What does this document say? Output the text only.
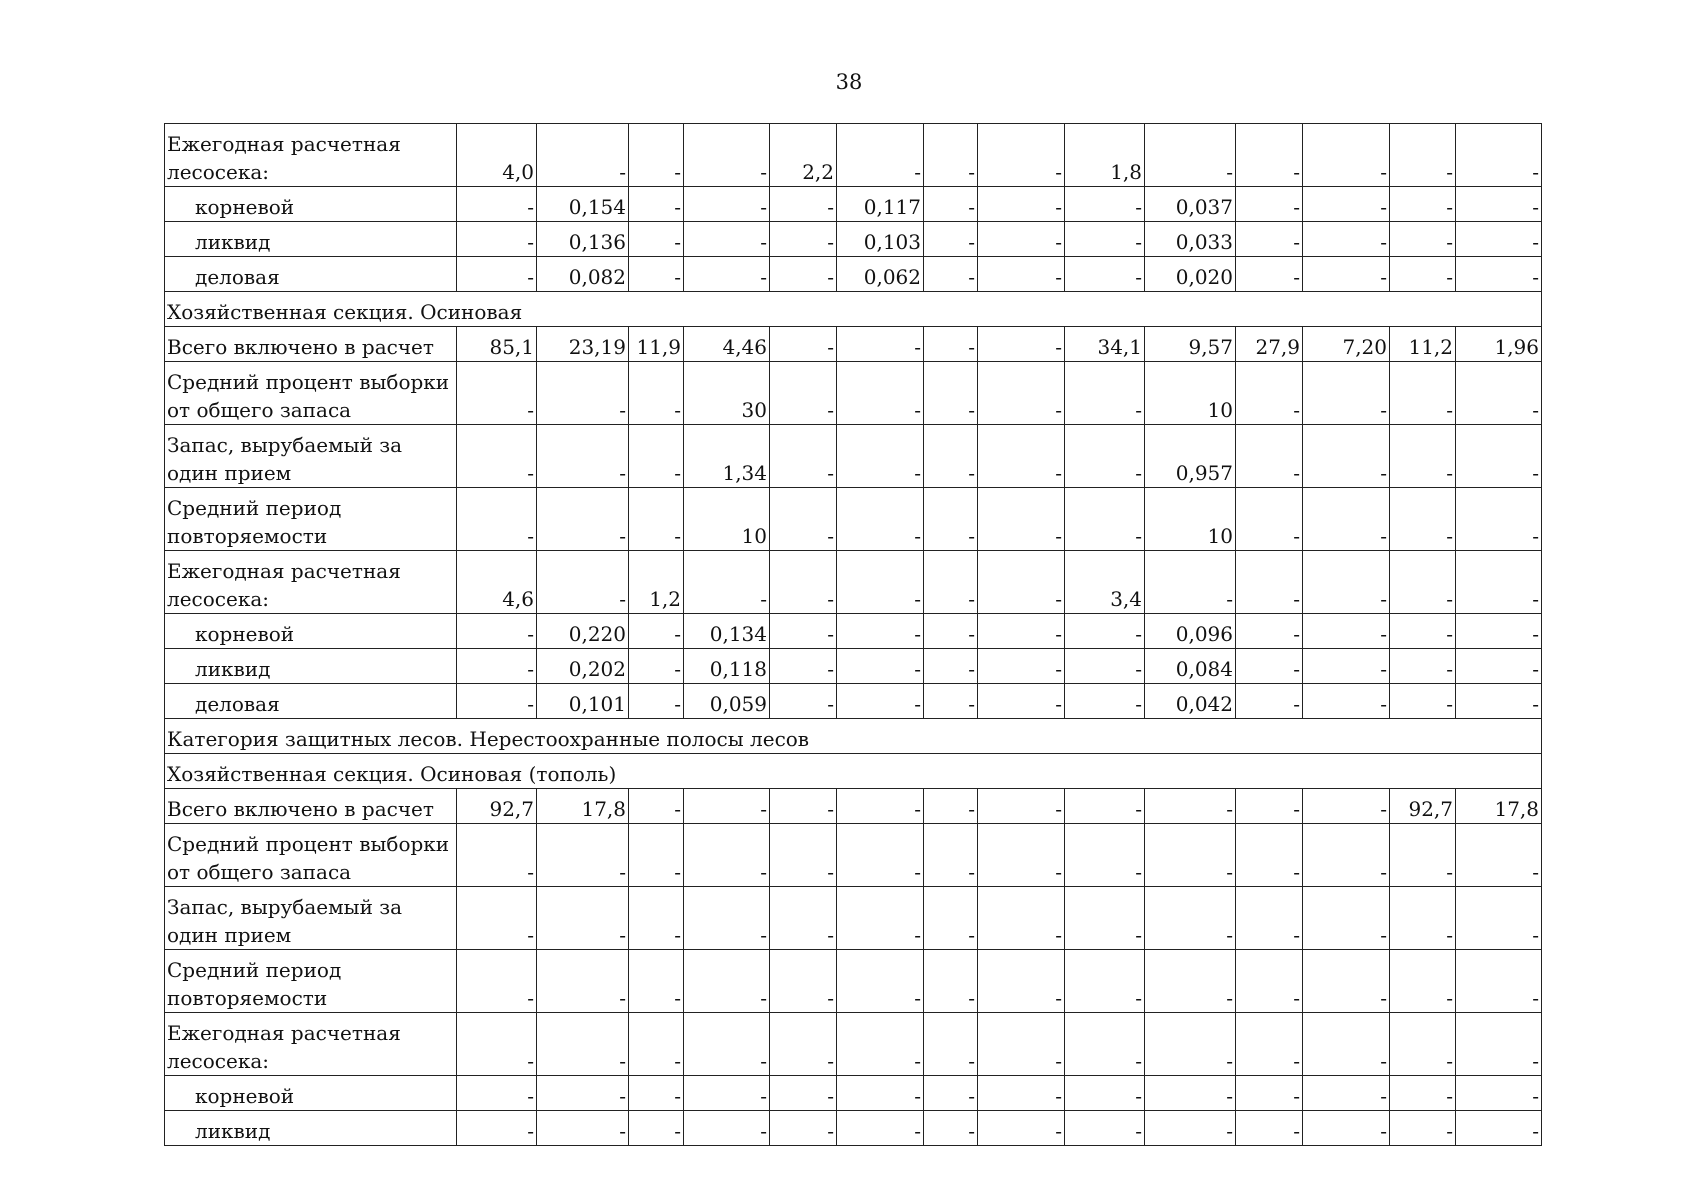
38
Ежегодная расчетная лесосека:	4,0	-	-	-	2,2	-	-	-	1,8	-	-	-	-	-
корневой	-	0,154	-	-	-	0,117	-	-	-	0,037	-	-	-	-
ликвид	-	0,136	-	-	-	0,103	-	-	-	0,033	-	-	-	-
деловая	-	0,082	-	-	-	0,062	-	-	-	0,020	-	-	-	-
Хозяйственная секция. Осиновая														
Всего включено в расчет	85,1	23,19	11,9	4,46	-	-	-	-	34,1	9,57	27,9	7,20	11,2	1,96
Средний процент выборки от общего запаса	-	-	-	30	-	-	-	-	-	10	-	-	-	-
Запас, вырубаемый за один прием	-	-	-	1,34	-	-	-	-	-	0,957	-	-	-	-
Средний период повторяемости	-	-	-	10	-	-	-	-	-	10	-	-	-	-
Ежегодная расчетная лесосека:	4,6	-	1,2	-	-	-	-	-	3,4	-	-	-	-	-
корневой	-	0,220	-	0,134	-	-	-	-	-	0,096	-	-	-	-
ликвид	-	0,202	-	0,118	-	-	-	-	-	0,084	-	-	-	-
деловая	-	0,101	-	0,059	-	-	-	-	-	0,042	-	-	-	-
Категория защитных лесов. Нерестоохранные полосы лесов														
Хозяйственная секция. Осиновая (тополь)														
Всего включено в расчет	92,7	17,8	-	-	-	-	-	-	-	-	-	-	92,7	17,8
Средний процент выборки от общего запаса	-	-	-	-	-	-	-	-	-	-	-	-	-	-
Запас, вырубаемый за один прием	-	-	-	-	-	-	-	-	-	-	-	-	-	-
Средний период повторяемости	-	-	-	-	-	-	-	-	-	-	-	-	-	-
Ежегодная расчетная лесосека:	-	-	-	-	-	-	-	-	-	-	-	-	-	-
корневой	-	-	-	-	-	-	-	-	-	-	-	-	-	-
ликвид	-	-	-	-	-	-	-	-	-	-	-	-	-	-
